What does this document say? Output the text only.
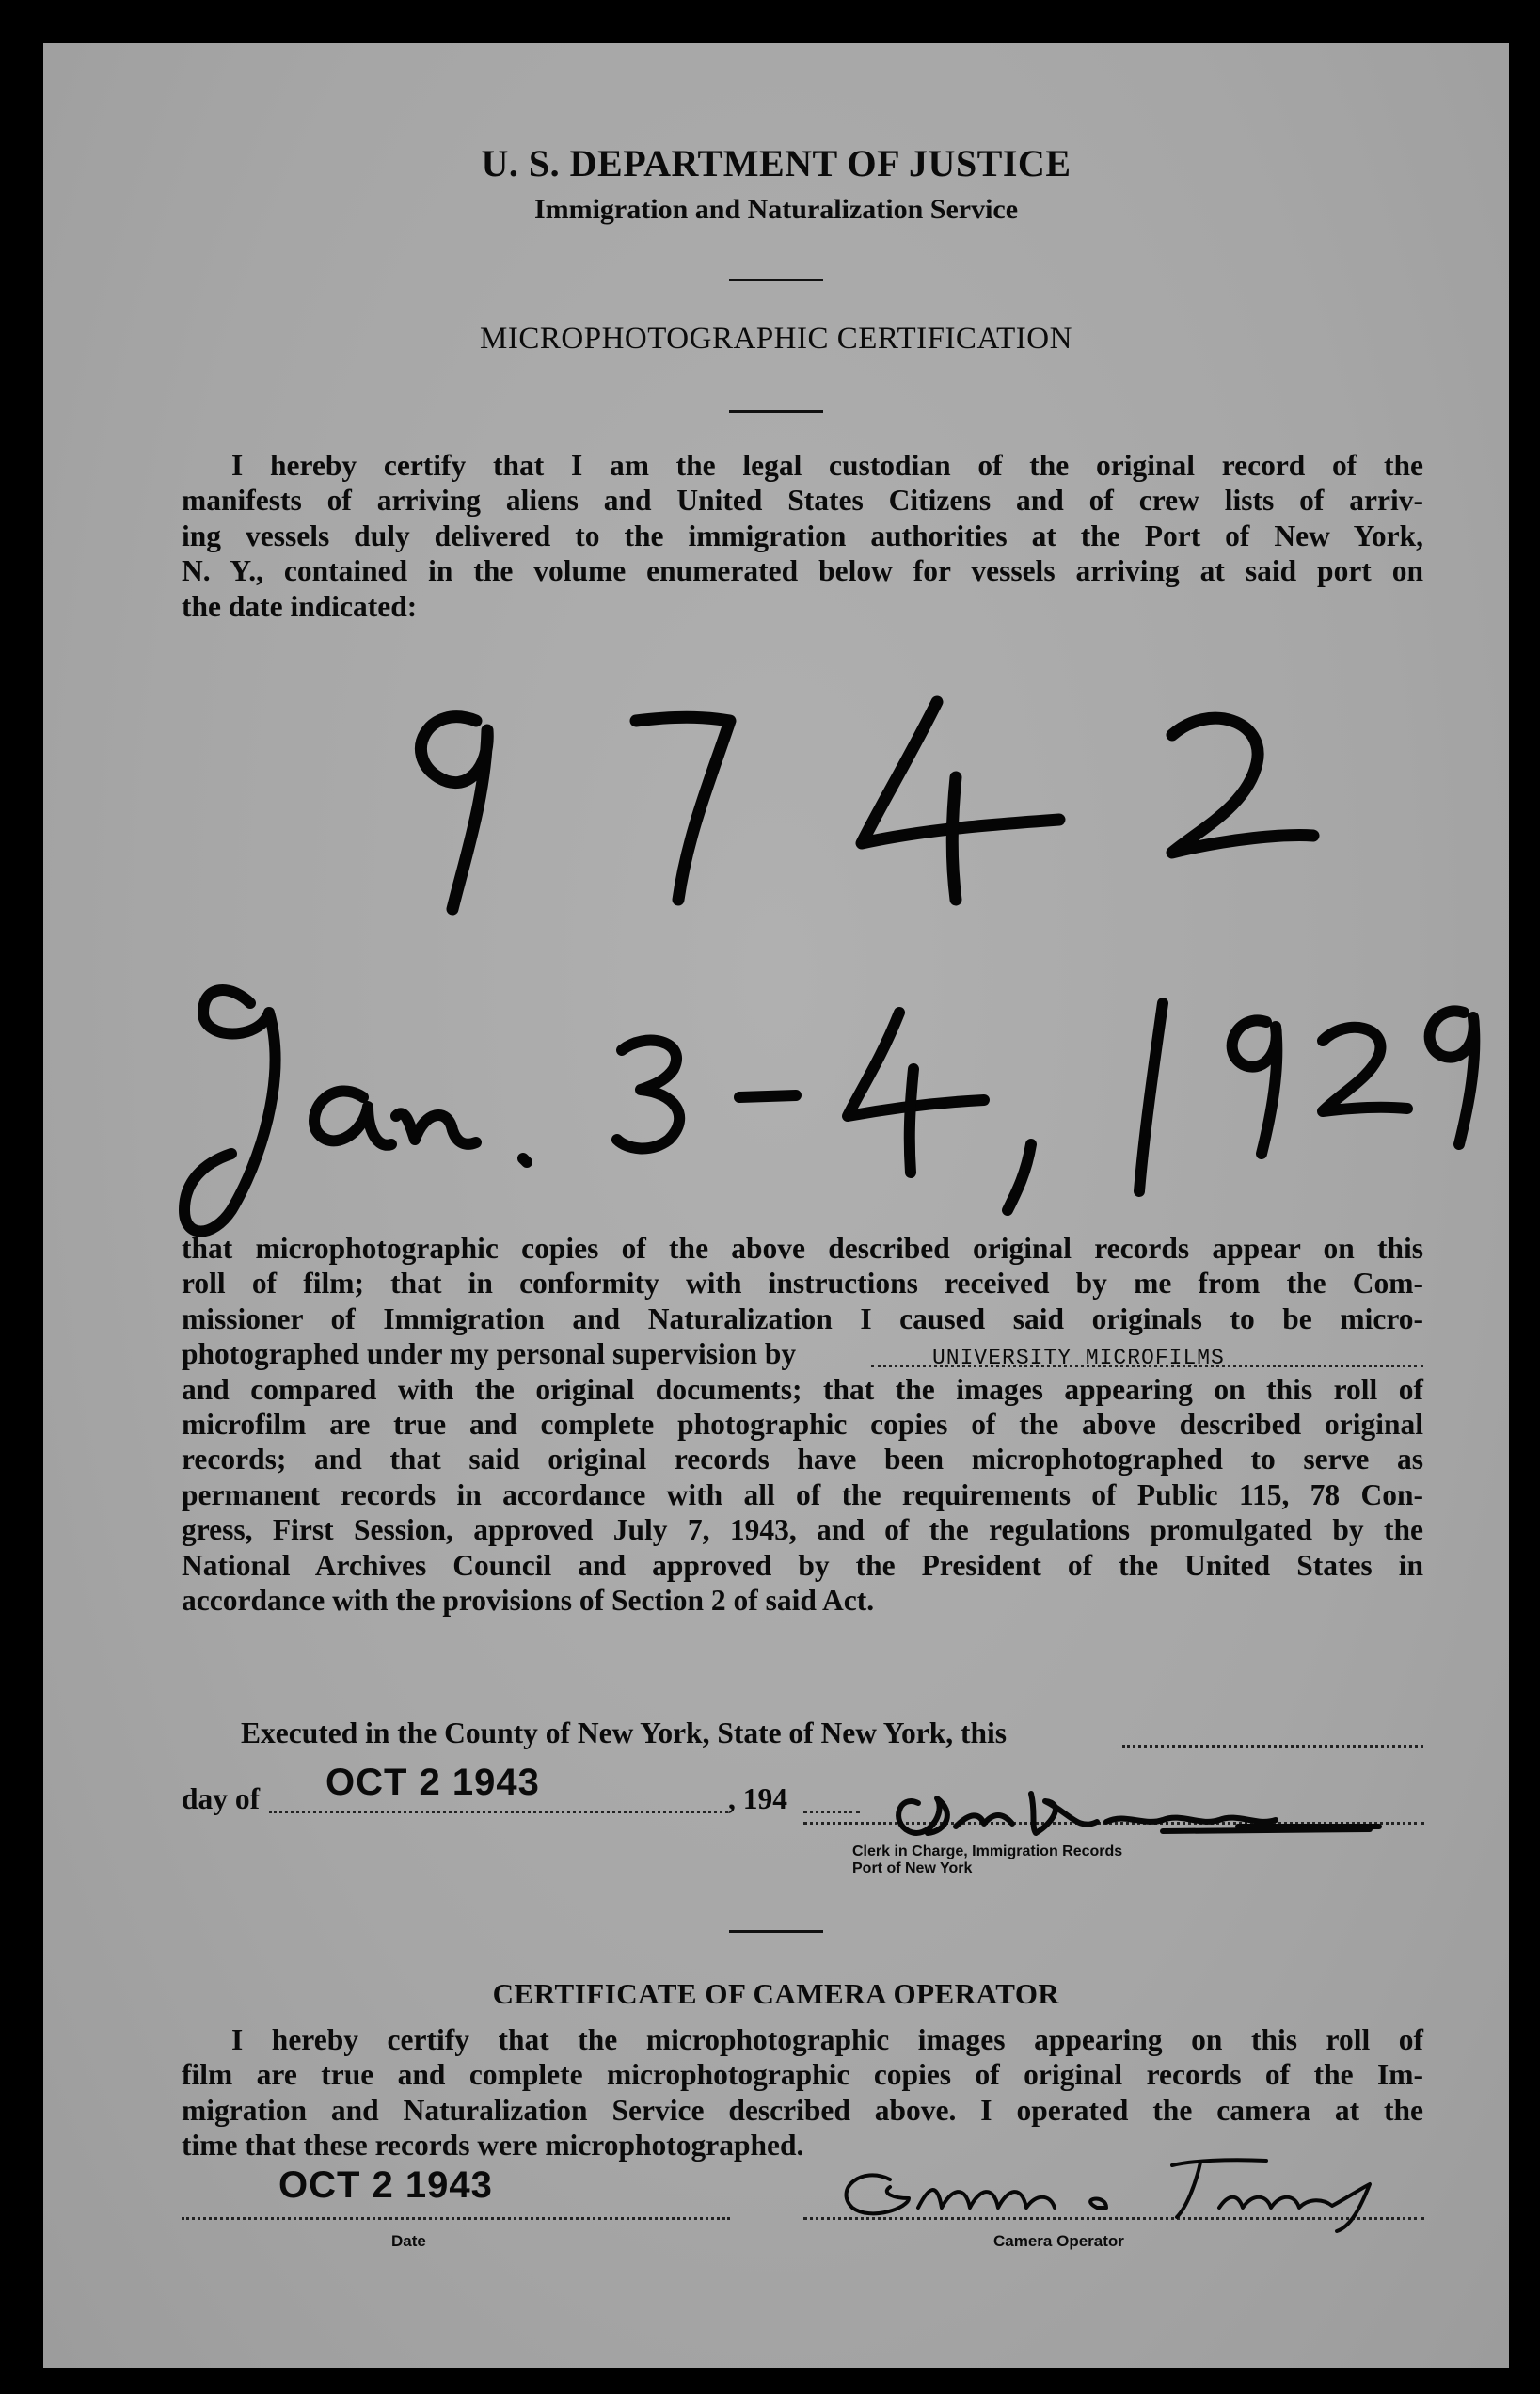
U. S. DEPARTMENT OF JUSTICE
Immigration and Naturalization Service
MICROPHOTOGRAPHIC CERTIFICATION
I hereby certify that I am the legal custodian of the original record of the
manifests of arriving aliens and United States Citizens and of crew lists of arriv-
ing vessels duly delivered to the immigration authorities at the Port of New York,
N. Y., contained in the volume enumerated below for vessels arriving at said port on
the date indicated:
that microphotographic copies of the above described original records appear on this
roll of film; that in conformity with instructions received by me from the Com-
missioner of Immigration and Naturalization I caused said originals to be micro-
photographed under my personal supervision by
and compared with the original documents; that the images appearing on this roll of
microfilm are true and complete photographic copies of the above described original
records; and that said original records have been microphotographed to serve as
permanent records in accordance with all of the requirements of Public 115, 78 Con-
gress, First Session, approved July 7, 1943, and of the regulations promulgated by the
National Archives Council and approved by the President of the United States in
accordance with the provisions of Section 2 of said Act.
UNIVERSITY MICROFILMS
Executed in the County of New York, State of New York, this
day of OCT 2 1943	, 194
Clerk in Charge, Immigration Records
Port of New York
CERTIFICATE OF CAMERA OPERATOR
I hereby certify that the microphotographic images appearing on this roll of
film are true and complete microphotographic copies of original records of the Im-
migration and Naturalization Service described above. I operated the camera at the
time that these records were microphotographed.
OCT 2 1943
Date	Camera Operator
